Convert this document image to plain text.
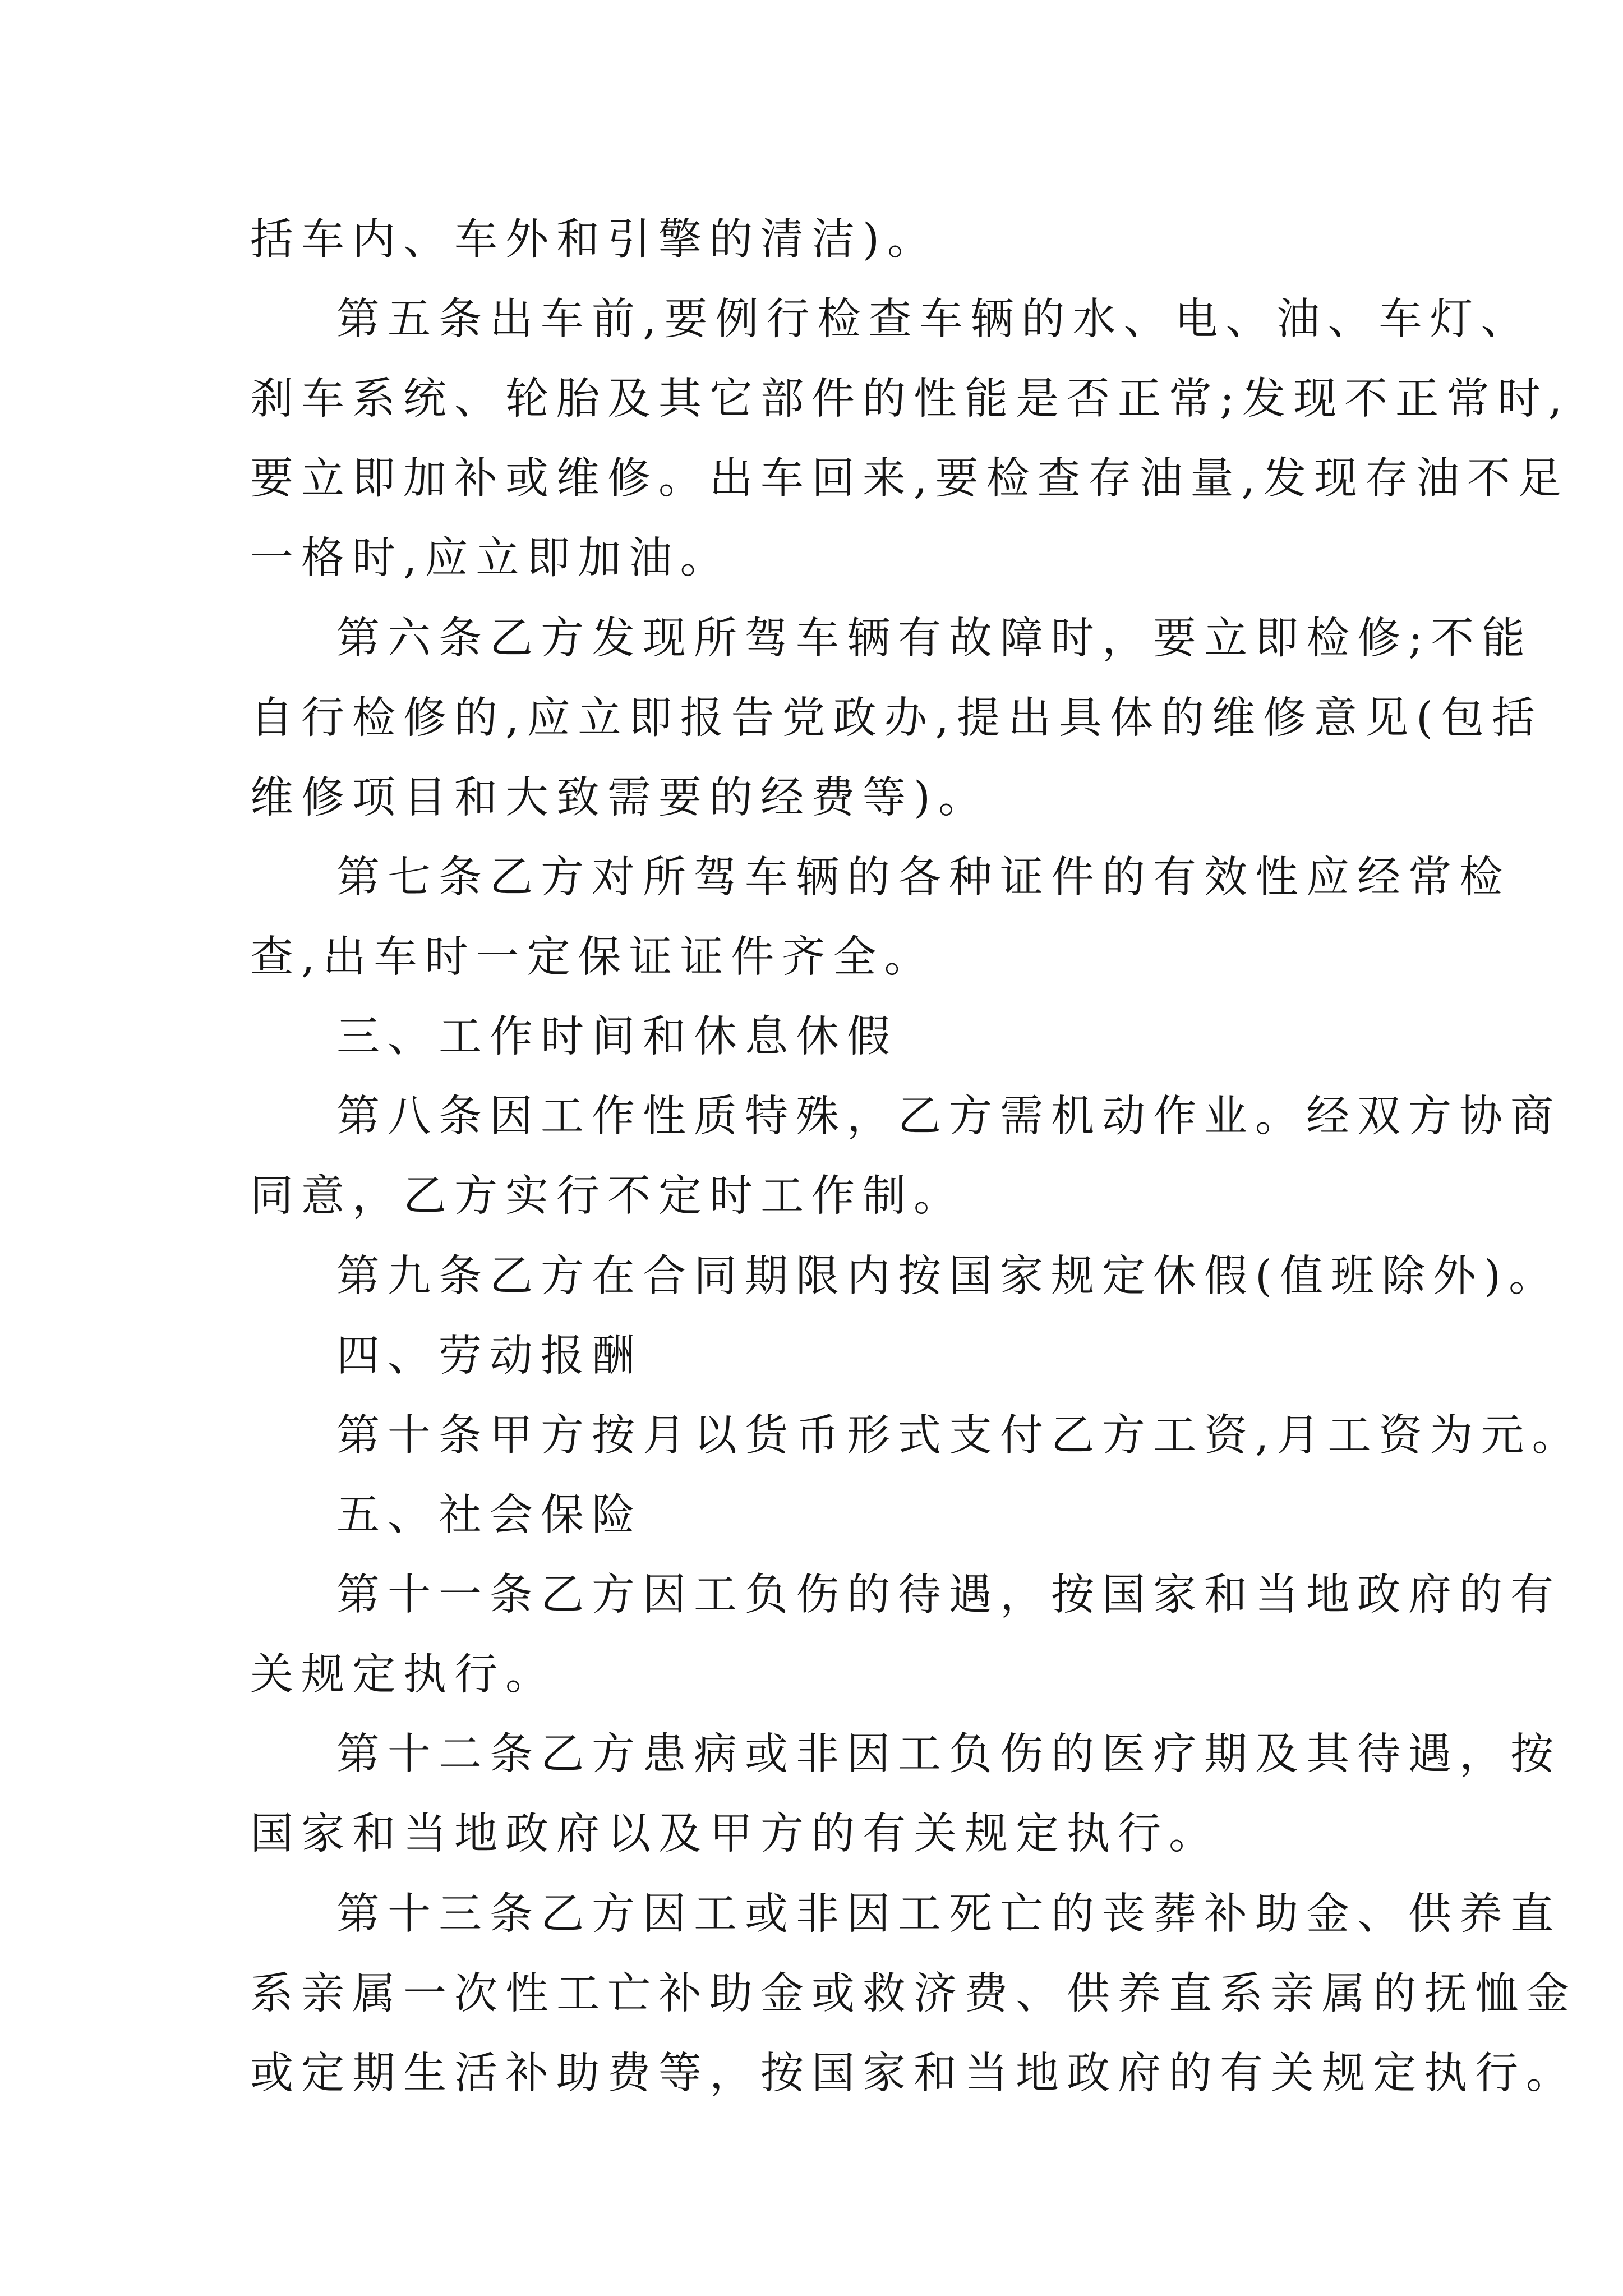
括车内、车外和引擎的清洁)。

第五条出车前,要例行检查车辆的水、电、油、车灯、

刹车系统、轮胎及其它部件的性能是否正常;发现不正常时,

要立即加补或维修。出车回来,要检查存油量,发现存油不足

一格时,应立即加油。

第六条乙方发现所驾车辆有故障时，要立即检修;不能

自行检修的,应立即报告党政办,提出具体的维修意见(包括

维修项目和大致需要的经费等)。

第七条乙方对所驾车辆的各种证件的有效性应经常检

查,出车时一定保证证件齐全。

三、工作时间和休息休假

第八条因工作性质特殊，乙方需机动作业。经双方协商

同意，乙方实行不定时工作制。

第九条乙方在合同期限内按国家规定休假(值班除外)。

四、劳动报酬

第十条甲方按月以货币形式支付乙方工资,月工资为元。

五、社会保险

第十一条乙方因工负伤的待遇，按国家和当地政府的有

关规定执行。

第十二条乙方患病或非因工负伤的医疗期及其待遇，按

国家和当地政府以及甲方的有关规定执行。

第十三条乙方因工或非因工死亡的丧葬补助金、供养直

系亲属一次性工亡补助金或救济费、供养直系亲属的抚恤金

或定期生活补助费等，按国家和当地政府的有关规定执行。
